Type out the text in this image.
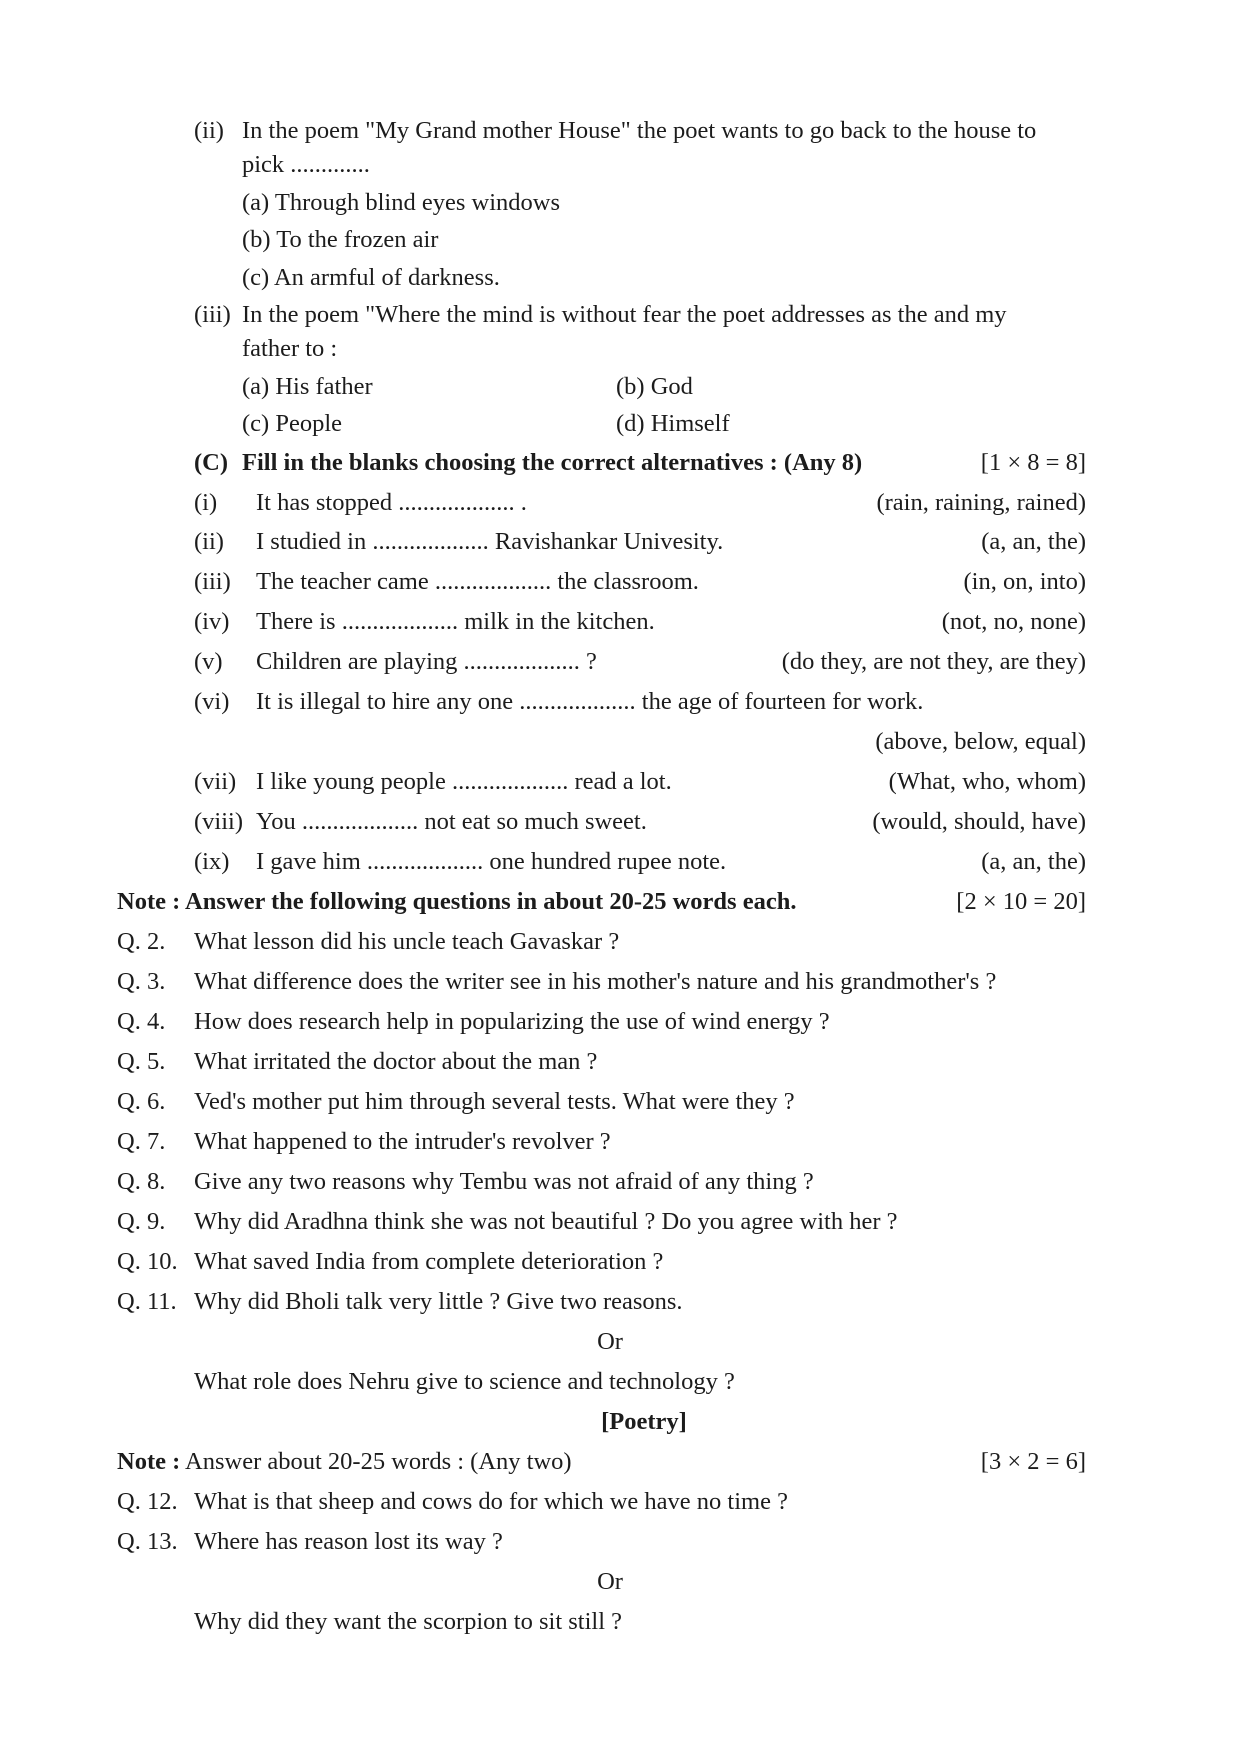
(ii) In the poem "My Grand mother House" the poet wants to go back to the house to
pick .............
(a) Through blind eyes windows
(b) To the frozen air
(c) An armful of darkness.
(iii) In the poem "Where the mind is without fear the poet addresses as the and my
father to :
(a) His father	(b) God
(c) People	(d) Himself
(C) Fill in the blanks choosing the correct alternatives : (Any 8)	[1 × 8 = 8]
(i) It has stopped ................... .	(rain, raining, rained)
(ii) I studied in ................... Ravishankar Univesity.	(a, an, the)
(iii) The teacher came ................... the classroom.	(in, on, into)
(iv) There is ................... milk in the kitchen.	(not, no, none)
(v) Children are playing ................... ?	(do they, are not they, are they)
(vi) It is illegal to hire any one ................... the age of fourteen for work.
(above, below, equal)
(vii) I like young people ................... read a lot.	(What, who, whom)
(viii) You ................... not eat so much sweet.	(would, should, have)
(ix) I gave him ................... one hundred rupee note.	(a, an, the)
Note : Answer the following questions in about 20-25 words each.	[2 × 10 = 20]
Q. 2. What lesson did his uncle teach Gavaskar ?
Q. 3. What difference does the writer see in his mother's nature and his grandmother's ?
Q. 4. How does research help in popularizing the use of wind energy ?
Q. 5. What irritated the doctor about the man ?
Q. 6. Ved's mother put him through several tests. What were they ?
Q. 7. What happened to the intruder's revolver ?
Q. 8. Give any two reasons why Tembu was not afraid of any thing ?
Q. 9. Why did Aradhna think she was not beautiful ? Do you agree with her ?
Q. 10. What saved India from complete deterioration ?
Q. 11. Why did Bholi talk very little ? Give two reasons.
Or
What role does Nehru give to science and technology ?
[Poetry]
Note : Answer about 20-25 words : (Any two)	[3 × 2 = 6]
Q. 12. What is that sheep and cows do for which we have no time ?
Q. 13. Where has reason lost its way ?
Or
Why did they want the scorpion to sit still ?
